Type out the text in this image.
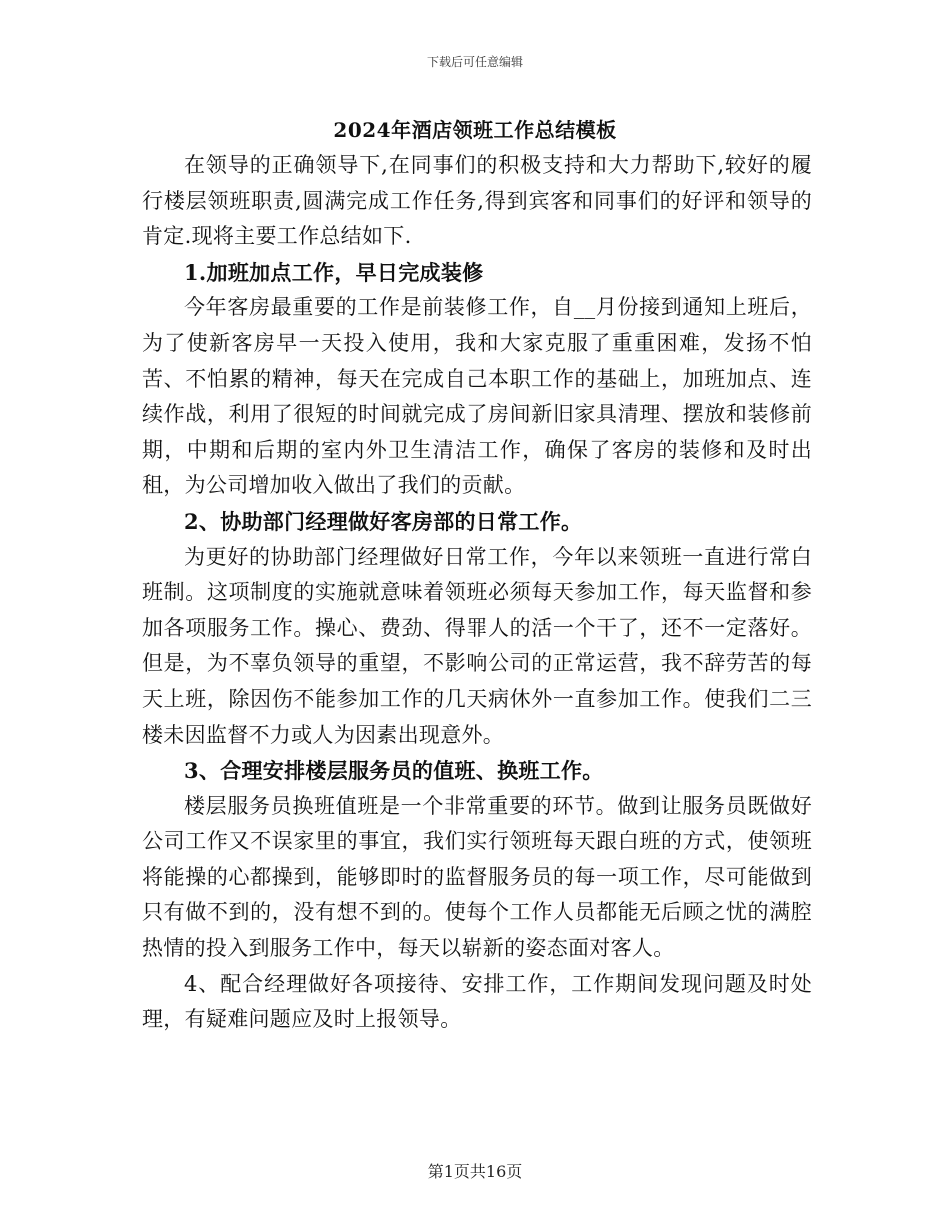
下载后可任意编辑
2024年酒店领班工作总结模板

在领导的正确领导下,在同事们的积极支持和大力帮助下,较好的履行楼层领班职责,圆满完成工作任务,得到宾客和同事们的好评和领导的肯定.现将主要工作总结如下.

1.加班加点工作，早日完成装修

今年客房最重要的工作是前装修工作，自__月份接到通知上班后，为了使新客房早一天投入使用，我和大家克服了重重困难，发扬不怕苦、不怕累的精神，每天在完成自己本职工作的基础上，加班加点、连续作战，利用了很短的时间就完成了房间新旧家具清理、摆放和装修前期，中期和后期的室内外卫生清洁工作，确保了客房的装修和及时出租，为公司增加收入做出了我们的贡献。

2、协助部门经理做好客房部的日常工作。

为更好的协助部门经理做好日常工作，今年以来领班一直进行常白班制。这项制度的实施就意味着领班必须每天参加工作，每天监督和参加各项服务工作。操心、费劲、得罪人的活一个干了，还不一定落好。但是，为不辜负领导的重望，不影响公司的正常运营，我不辞劳苦的每天上班，除因伤不能参加工作的几天病休外一直参加工作。使我们二三楼未因监督不力或人为因素出现意外。

3、合理安排楼层服务员的值班、换班工作。

楼层服务员换班值班是一个非常重要的环节。做到让服务员既做好公司工作又不误家里的事宜，我们实行领班每天跟白班的方式，使领班将能操的心都操到，能够即时的监督服务员的每一项工作，尽可能做到只有做不到的，没有想不到的。使每个工作人员都能无后顾之忧的满腔热情的投入到服务工作中，每天以崭新的姿态面对客人。

4、配合经理做好各项接待、安排工作，工作期间发现问题及时处理，有疑难问题应及时上报领导。

第1页共16页
